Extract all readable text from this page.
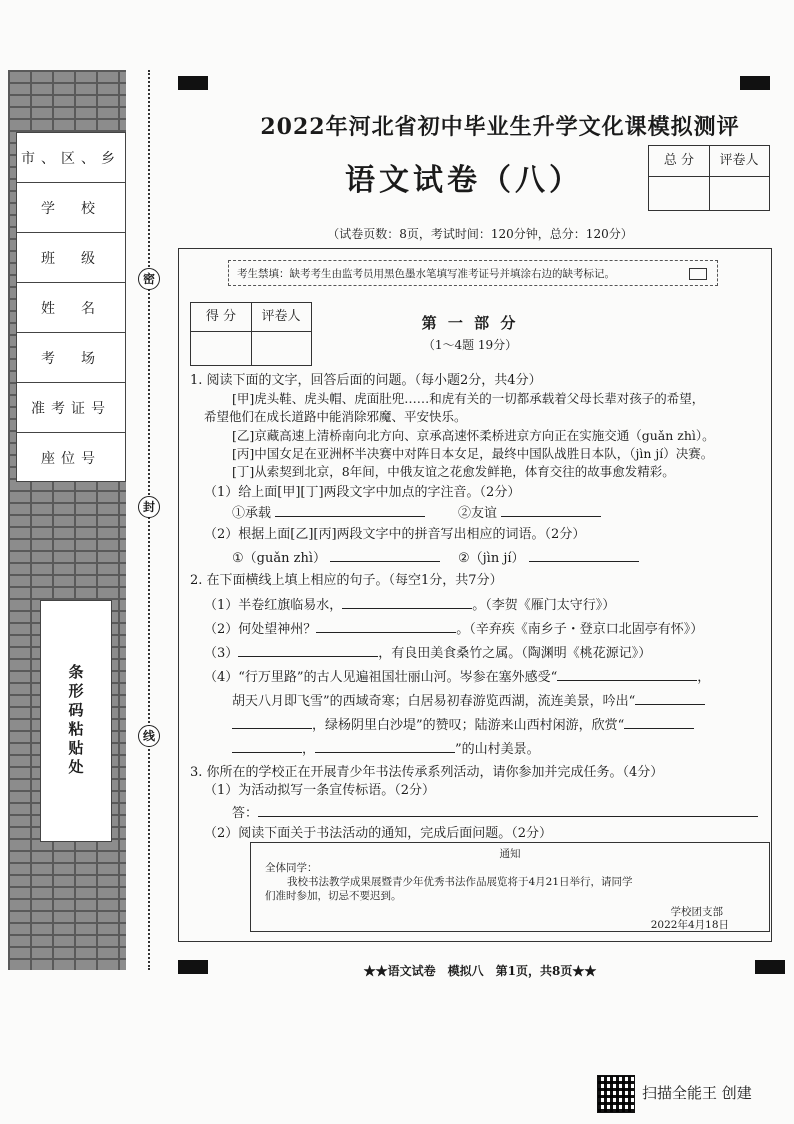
市、区、乡
学　校
班　级
姓　名
考　场
准考证号
座位号
条形码粘贴处
密
封
线
2022年河北省初中毕业生升学文化课模拟测评
语文试卷（八）
总 分	评卷人
（试卷页数：8页，考试时间：120分钟，总分：120分）
考生禁填：缺考考生由监考员用黑色墨水笔填写准考证号并填涂右边的缺考标记。
得 分	评卷人	第 一 部 分
（1～4题 19分）
1. 阅读下面的文字，回答后面的问题。（每小题2分，共4分）
[甲]虎头鞋、虎头帽、虎面肚兜……和虎有关的一切都承载着父母长辈对孩子的希望，
希望他们在成长道路中能消除邪魔、平安快乐。
[乙]京藏高速上清桥南向北方向、京承高速怀柔桥进京方向正在实施交通（guǎn zhì）。
[丙]中国女足在亚洲杯半决赛中对阵日本女足，最终中国队战胜日本队，（jìn jí）决赛。
[丁]从索契到北京，8年间，中俄友谊之花愈发鲜艳，体育交往的故事愈发精彩。
（1）给上面[甲][丁]两段文字中加点的字注音。（2分）
①承载	②友谊
（2）根据上面[乙][丙]两段文字中的拼音写出相应的词语。（2分）
①（guǎn zhì）	②（jìn jí）
2. 在下面横线上填上相应的句子。（每空1分，共7分）
（1）半卷红旗临易水，	。（李贺《雁门太守行》）
（2）何处望神州？	。（辛弃疾《南乡子・登京口北固亭有怀》）
（3）	，有良田美食桑竹之属。（陶渊明《桃花源记》）
（4）“行万里路”的古人见遍祖国壮丽山河。岑参在塞外感受“	，
胡天八月即飞雪”的西域奇寒；白居易初春游览西湖，流连美景，吟出“
，绿杨阴里白沙堤”的赞叹；陆游来山西村闲游，欣赏“
，	”的山村美景。
3. 你所在的学校正在开展青少年书法传承系列活动，请你参加并完成任务。（4分）
（1）为活动拟写一条宣传标语。（2分）
答：
（2）阅读下面关于书法活动的通知，完成后面问题。（2分）
通知
全体同学：
我校书法教学成果展暨青少年优秀书法作品展览将于4月21日举行，请同学
们准时参加，切忌不要迟到。
学校团支部
2022年4月18日
★★语文试卷　模拟八　第1页，共8页★★
扫描全能王 创建
